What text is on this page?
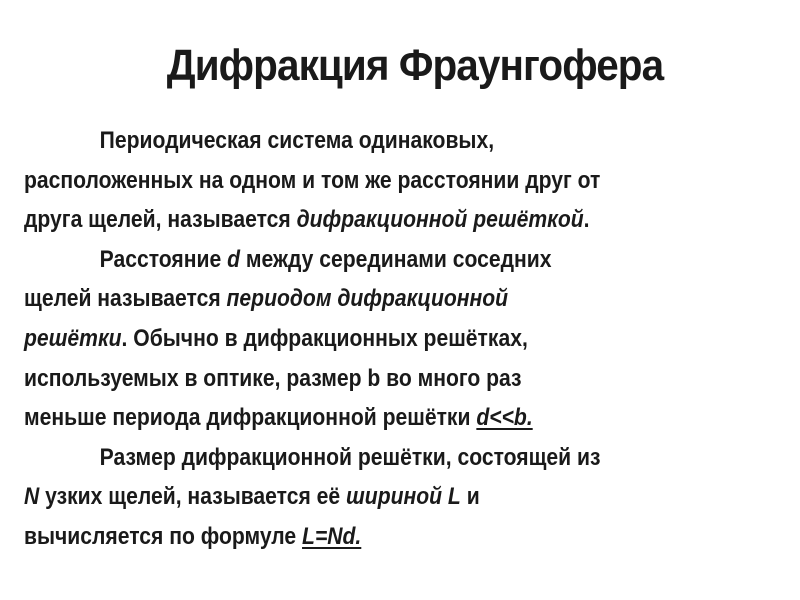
Дифракция Фраунгофера
Периодическая система одинаковых,
расположенных на одном и том же расстоянии друг от
друга щелей, называется дифракционной решёткой.
Расстояние d между серединами соседних
щелей называется периодом дифракционной
решётки. Обычно в дифракционных решётках,
используемых в оптике, размер b во много раз
меньше периода дифракционной решётки d<<b.
Размер дифракционной решётки, состоящей из
N узких щелей, называется её шириной L и
вычисляется по формуле L=Nd.
